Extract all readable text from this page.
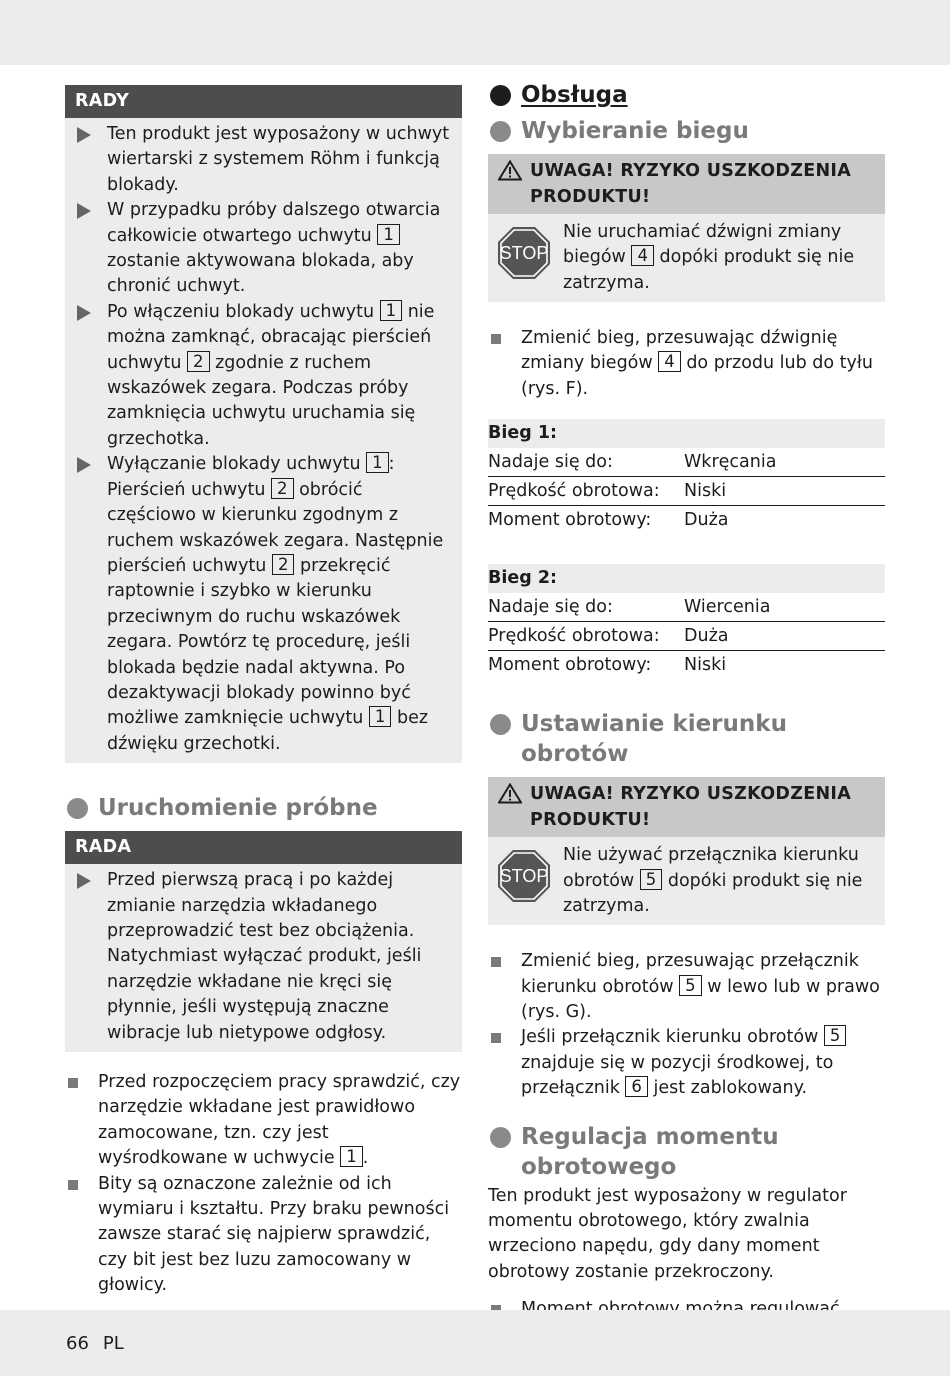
RADY

Ten produkt jest wyposażony w uchwyt wiertarski z systemem Röhm i funkcją blokady.

W przypadku próby dalszego otwarcia całkowicie otwartego uchwytu 1 zostanie aktywowana blokada, aby chronić uchwyt.

Po włączeniu blokady uchwytu 1 nie można zamknąć, obracając pierścień uchwytu 2 zgodnie z ruchem wskazówek zegara. Podczas próby zamknięcia uchwytu uruchamia się grzechotka.

Wyłączanie blokady uchwytu 1 : Pierścień uchwytu 2 obrócić częściowo w kierunku zgodnym z ruchem wskazówek zegara. Następnie pierścień uchwytu 2 przekręcić raptownie i szybko w kierunku przeciwnym do ruchu wskazówek zegara. Powtórz tę procedurę, jeśli blokada będzie nadal aktywna. Po dezaktywacji blokady powinno być możliwe zamknięcie uchwytu 1 bez dźwięku grzechotki.

Uruchomienie próbne
RADA

Przed pierwszą pracą i po każdej zmianie narzędzia wkładanego przeprowadzić test bez obciążenia. Natychmiast wyłączać produkt, jeśli narzędzie wkładane nie kręci się płynnie, jeśli występują znaczne wibracje lub nietypowe odgłosy.

Przed rozpoczęciem pracy sprawdzić, czy narzędzie wkładane jest prawidłowo zamocowane, tzn. czy jest wyśrodkowane w uchwycie 1 .

Bity są oznaczone zależnie od ich wymiaru i kształtu. Przy braku pewności zawsze starać się najpierw sprawdzić, czy bit jest bez luzu zamocowany w głowicy.

Obsługa
Wybieranie biegu
UWAGA! RYZYKO USZKODZENIA PRODUKTU!
STOP
Nie uruchamiać dźwigni zmiany biegów 4 dopóki produkt się nie zatrzyma.

Zmienić bieg, przesuwając dźwignię zmiany biegów 4 do przodu lub do tyłu (rys. F).

Bieg 1:
Nadaje się do:	Wkręcania
Prędkość obrotowa: Niski
Moment obrotowy: Duża
Bieg 2:
Nadaje się do:	Wiercenia
Prędkość obrotowa: Duża
Moment obrotowy: Niski
Ustawianie kierunku obrotów
UWAGA! RYZYKO USZKODZENIA PRODUKTU!
STOP
Nie używać przełącznika kierunku obrotów 5 dopóki produkt się nie zatrzyma.

Zmienić bieg, przesuwając przełącznik kierunku obrotów 5 w lewo lub w prawo (rys. G).

Jeśli przełącznik kierunku obrotów 5 znajduje się w pozycji środkowej, to przełącznik 6 jest zablokowany.

Regulacja momentu obrotowego

Ten produkt jest wyposażony w regulator momentu obrotowego, który zwalnia wrzeciono napędu, gdy dany moment obrotowy zostanie przekroczony.

66 PL
